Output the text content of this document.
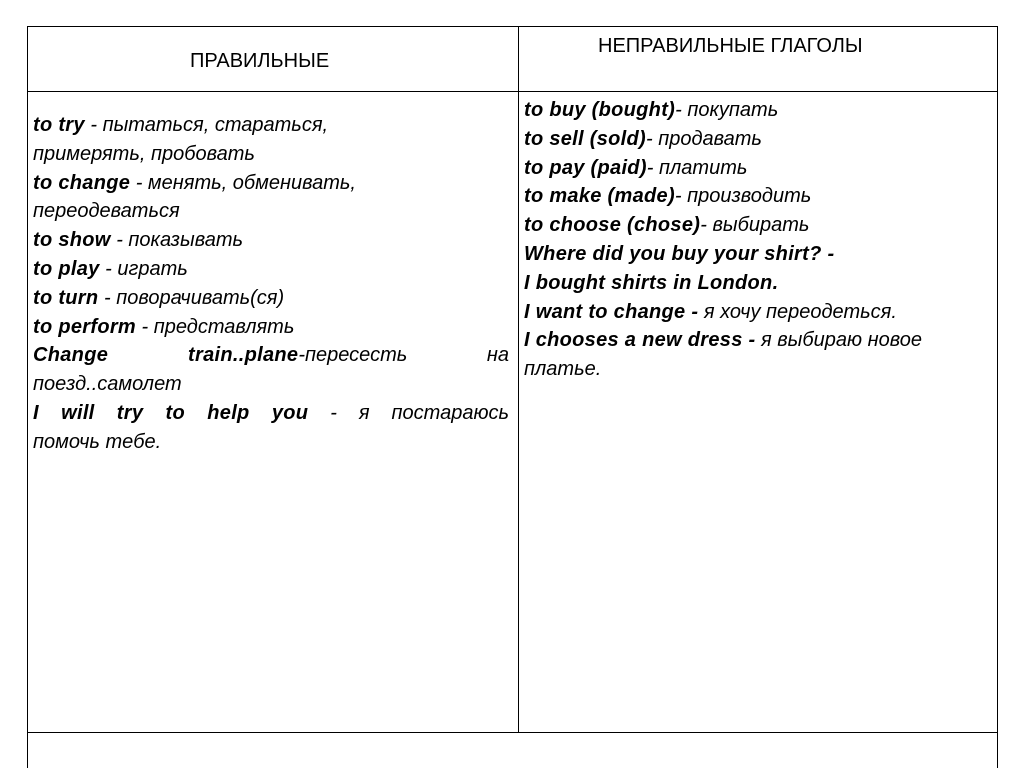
ПРАВИЛЬНЫЕ
НЕПРАВИЛЬНЫЕ ГЛАГОЛЫ
to try - пытаться, стараться,
примерять, пробовать
to change - менять, обменивать,
переодеваться
to show - показывать
to play - играть
to turn - поворачивать(ся)
to perform - представлять
Change train..plane-пересесть на
поезд..самолет
I will try to help you - я постараюсь
помочь тебе.
to buy (bought)- покупать
to sell (sold)- продавать
to pay (paid)- платить
to make (made)- производить
to choose (chose)- выбирать
Where did you buy your shirt? -
I bought shirts in London.
I want to change - я хочу переодеться.
I chooses a new dress - я выбираю новое
платье.
